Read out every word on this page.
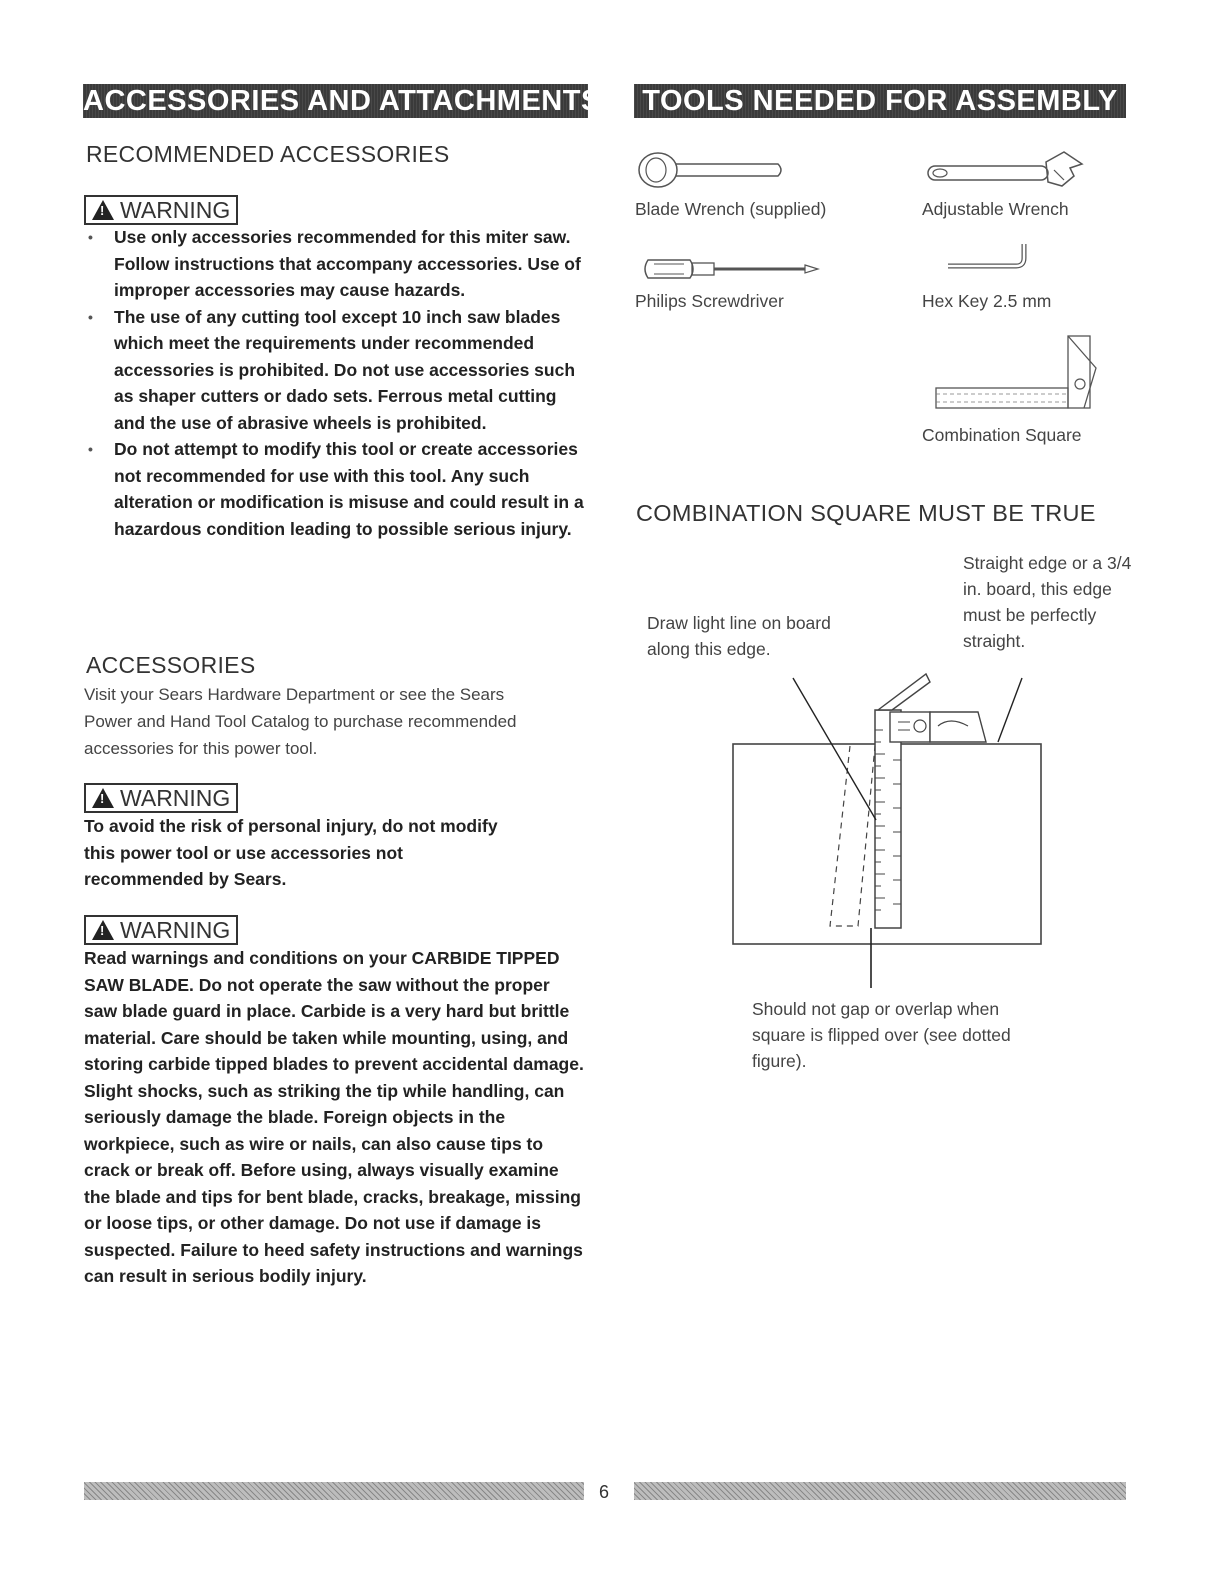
ACCESSORIES AND ATTACHMENTS
RECOMMENDED ACCESSORIES
!
WARNING
• Use only accessories recommended for this miter saw. Follow instructions that accompany accessories. Use of improper accessories may cause hazards.
• The use of any cutting tool except 10 inch saw blades which meet the requirements under recommended accessories is prohibited. Do not use accessories such as shaper cutters or dado sets. Ferrous metal cutting and the use of abrasive wheels is prohibited.
• Do not attempt to modify this tool or create accessories not recommended for use with this tool. Any such alteration or modification is misuse and could result in a hazardous condition leading to possible serious injury.
ACCESSORIES
Visit your Sears Hardware Department or see the Sears Power and Hand Tool Catalog to purchase recommended accessories for this power tool.
!
WARNING
To avoid the risk of personal injury, do not modify this power tool or use accessories not recommended by Sears.
!
WARNING
Read warnings and conditions on your CARBIDE TIPPED SAW BLADE. Do not operate the saw without the proper saw blade guard in place. Carbide is a very hard but brittle material. Care should be taken while mounting, using, and storing carbide tipped blades to prevent accidental damage. Slight shocks, such as striking the tip while handling, can seriously damage the blade. Foreign objects in the workpiece, such as wire or nails, can also cause tips to crack or break off. Before using, always visually examine the blade and tips for bent blade, cracks, breakage, missing or loose tips, or other damage. Do not use if damage is suspected. Failure to heed safety instructions and warnings can result in serious bodily injury.
TOOLS NEEDED FOR ASSEMBLY
Blade Wrench (supplied)	Adjustable Wrench
Philips Screwdriver	Hex Key 2.5 mm
Combination Square
COMBINATION SQUARE MUST BE TRUE
Straight edge or a 3/4 in. board, this edge must be perfectly straight.
Draw light line on board along this edge.
Should not gap or overlap when square is flipped over (see dotted figure).
6
